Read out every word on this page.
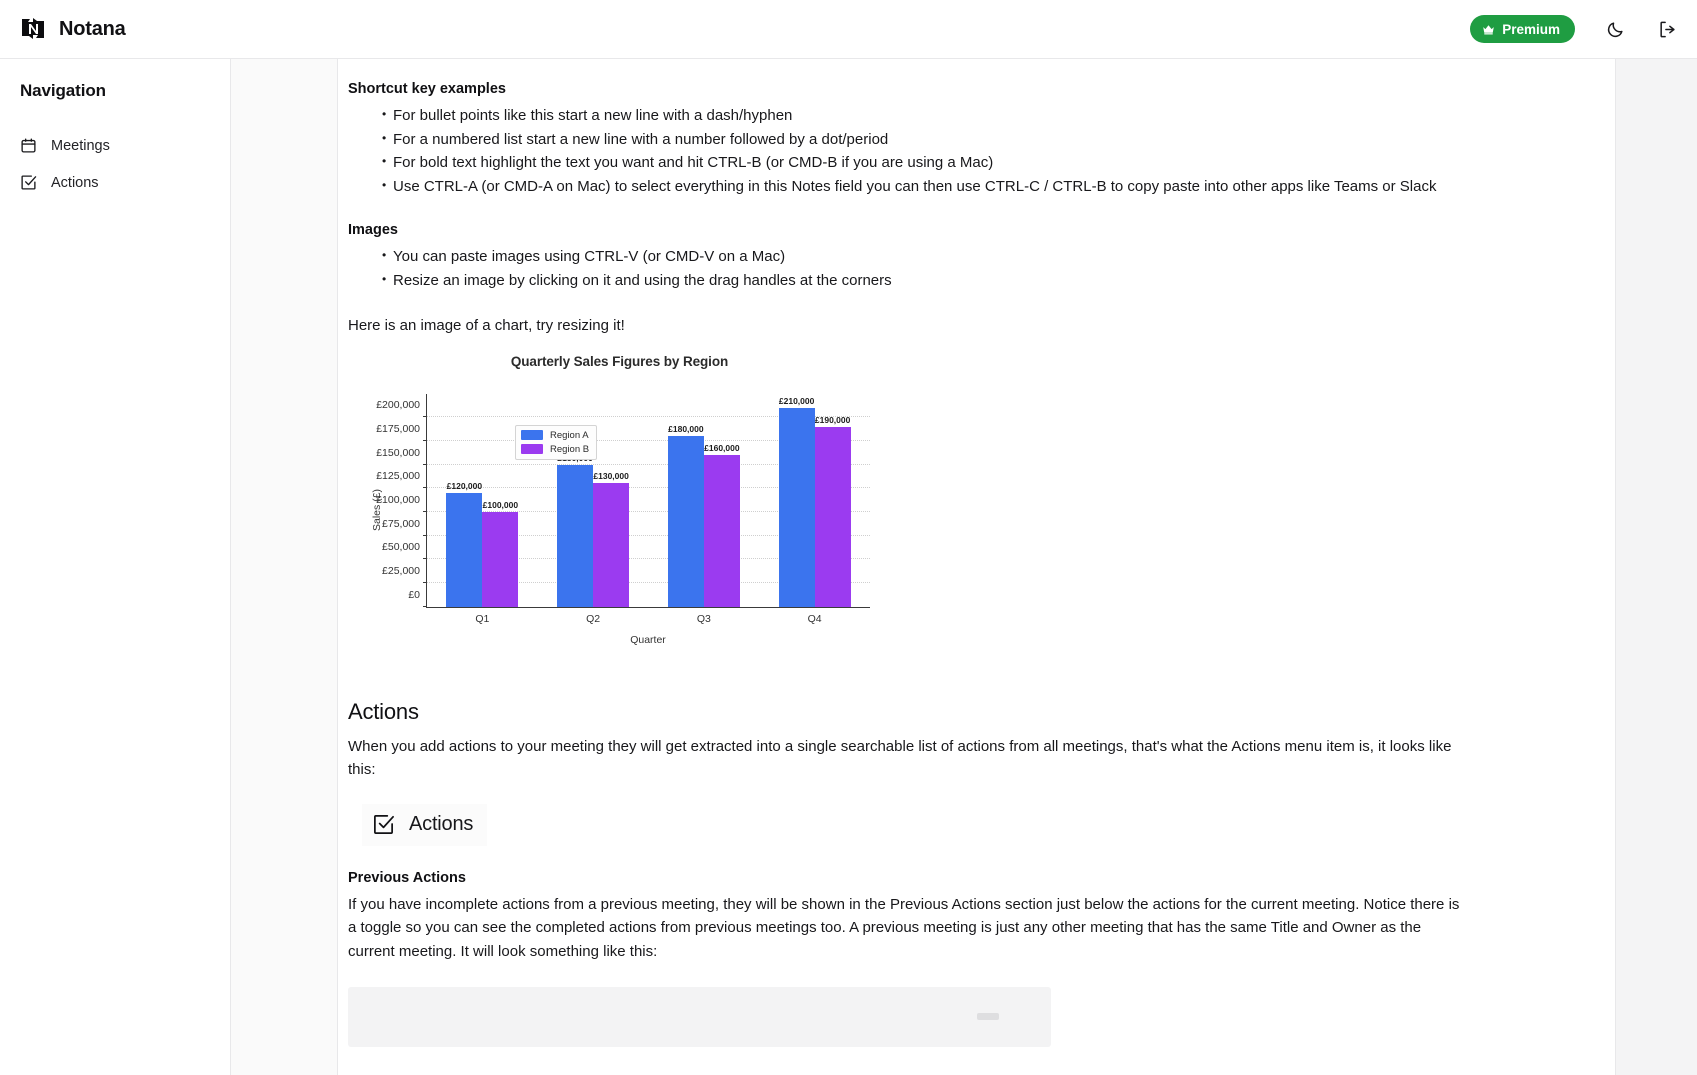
Notana	Premium
Navigation
Meetings
Actions
Shortcut key examples
• For bullet points like this start a new line with a dash/hyphen
• For a numbered list start a new line with a number followed by a dot/period
• For bold text highlight the text you want and hit CTRL-B (or CMD-B if you are using a Mac)
• Use CTRL-A (or CMD-A on Mac) to select everything in this Notes field you can then use CTRL-C / CTRL-B to copy paste into other apps like Teams or Slack
Images
• You can paste images using CTRL-V (or CMD-V on a Mac)
• Resize an image by clicking on it and using the drag handles at the corners
Here is an image of a chart, try resizing it!
Quarterly Sales Figures by Region
Sales (£)
Quarter
£0
£25,000
£50,000
£75,000
£100,000
£125,000
£150,000
£175,000
£200,000
Region A
Region B
£120,000
£100,000
Q1
£130,000
Q2
£180,000
£160,000
Q3
£210,000
£190,000
Q4
Actions
When you add actions to your meeting they will get extracted into a single searchable list of actions from all meetings, that's what the Actions menu item is, it looks like this:
Actions
Previous Actions
If you have incomplete actions from a previous meeting, they will be shown in the Previous Actions section just below the actions for the current meeting. Notice there is a toggle so you can see the completed actions from previous meetings too. A previous meeting is just any other meeting that has the same Title and Owner as the current meeting. It will look something like this:
